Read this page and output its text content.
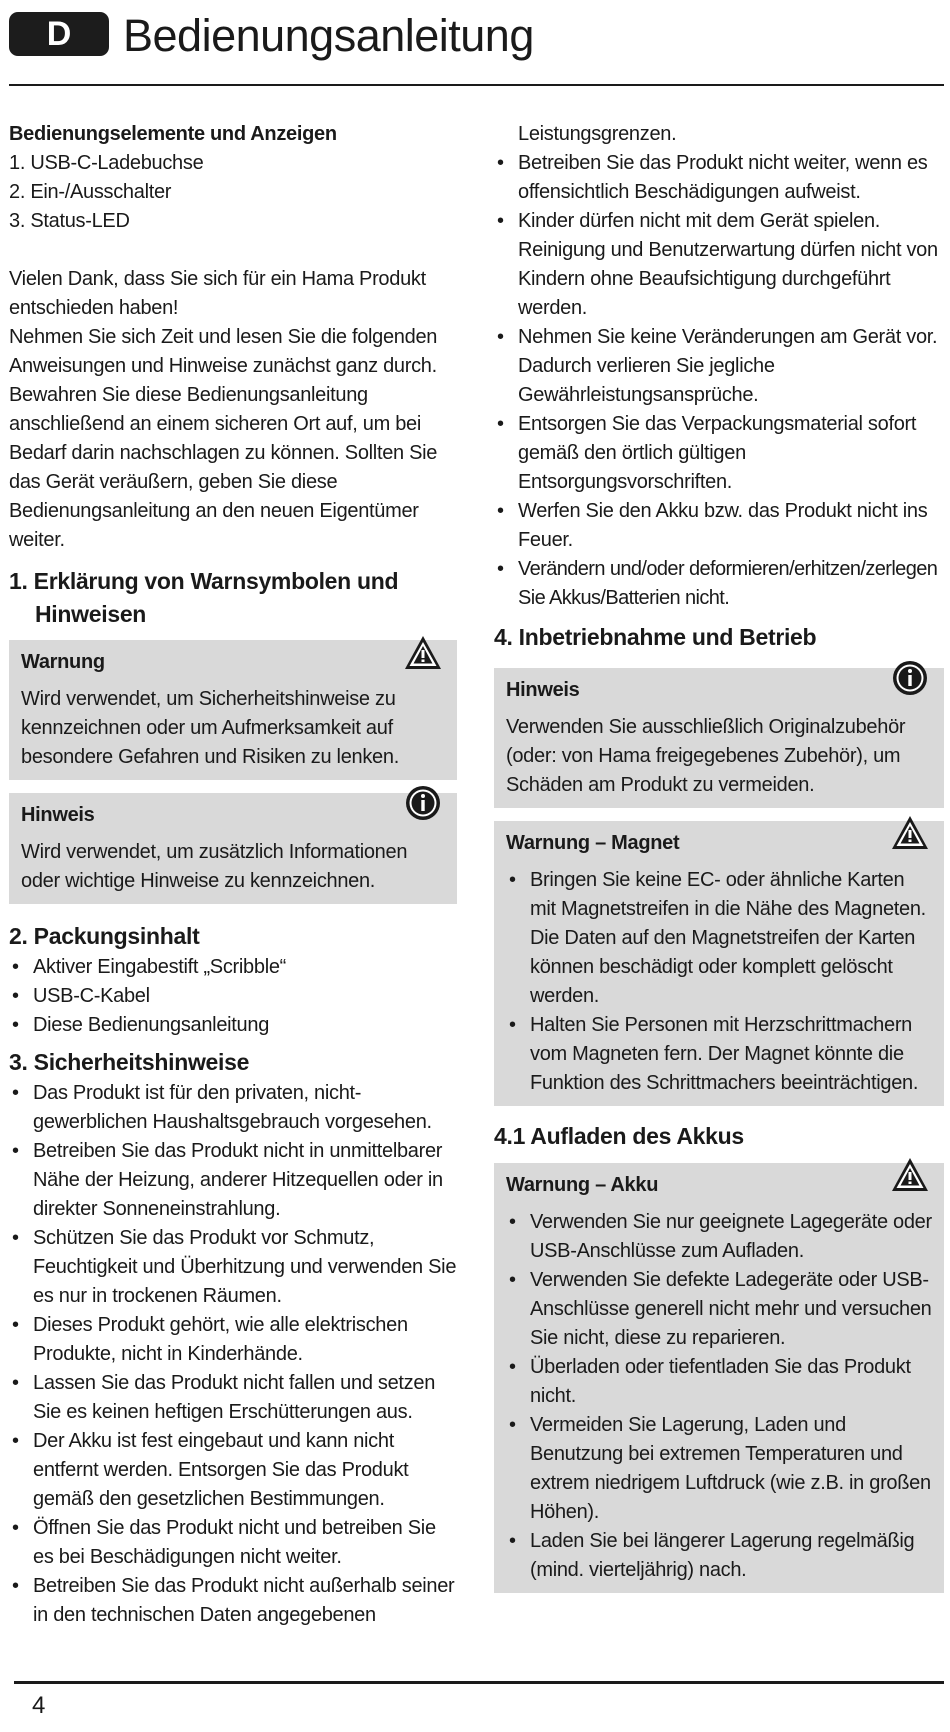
D	Bedienungsanleitung

Bedienungselemente und Anzeigen

1. USB-C-Ladebuchse

2. Ein-/Ausschalter

3. Status-LED

Vielen Dank, dass Sie sich für ein Hama Produkt entschieden haben!

Nehmen Sie sich Zeit und lesen Sie die folgenden Anweisungen und Hinweise zunächst ganz durch. Bewahren Sie diese Bedienungsanleitung anschließend an einem sicheren Ort auf, um bei Bedarf darin nachschlagen zu können. Sollten Sie das Gerät veräußern, geben Sie diese Bedienungsanleitung an den neuen Eigentümer weiter.

1. Erklärung von Warnsymbolen und Hinweisen

Warnung

Wird verwendet, um Sicherheitshinweise zu kennzeichnen oder um Aufmerksamkeit auf besondere Gefahren und Risiken zu lenken.

Hinweis

Wird verwendet, um zusätzlich Informationen oder wichtige Hinweise zu kennzeichnen.

2. Packungsinhalt
• Aktiver Eingabestift „Scribble“
• USB-C-Kabel
• Diese Bedienungsanleitung
3. Sicherheitshinweise
• Das Produkt ist für den privaten, nicht-gewerblichen Haushaltsgebrauch vorgesehen.
• Betreiben Sie das Produkt nicht in unmittelbarer Nähe der Heizung, anderer Hitzequellen oder in direkter Sonneneinstrahlung.
• Schützen Sie das Produkt vor Schmutz, Feuchtigkeit und Überhitzung und verwenden Sie es nur in trockenen Räumen.
• Dieses Produkt gehört, wie alle elektrischen Produkte, nicht in Kinderhände.
• Lassen Sie das Produkt nicht fallen und setzen Sie es keinen heftigen Erschütterungen aus.
• Der Akku ist fest eingebaut und kann nicht entfernt werden. Entsorgen Sie das Produkt gemäß den gesetzlichen Bestimmungen.
• Öffnen Sie das Produkt nicht und betreiben Sie es bei Beschädigungen nicht weiter.
• Betreiben Sie das Produkt nicht außerhalb seiner in den technischen Daten angegebenen

Leistungsgrenzen.

• Betreiben Sie das Produkt nicht weiter, wenn es offensichtlich Beschädigungen aufweist.
• Kinder dürfen nicht mit dem Gerät spielen. Reinigung und Benutzerwartung dürfen nicht von Kindern ohne Beaufsichtigung durchgeführt werden.
• Nehmen Sie keine Veränderungen am Gerät vor. Dadurch verlieren Sie jegliche Gewährleistungsansprüche.
• Entsorgen Sie das Verpackungsmaterial sofort gemäß den örtlich gültigen Entsorgungsvorschriften.
• Werfen Sie den Akku bzw. das Produkt nicht ins Feuer.
• Verändern und/oder deformieren/erhitzen/zerlegen Sie Akkus/Batterien nicht.
4. Inbetriebnahme und Betrieb

Hinweis

Verwenden Sie ausschließlich Originalzubehör (oder: von Hama freigegebenes Zubehör), um Schäden am Produkt zu vermeiden.

Warnung – Magnet

• Bringen Sie keine EC- oder ähnliche Karten mit Magnetstreifen in die Nähe des Magneten. Die Daten auf den Magnetstreifen der Karten können beschädigt oder komplett gelöscht werden.
• Halten Sie Personen mit Herzschrittmachern vom Magneten fern. Der Magnet könnte die Funktion des Schrittmachers beeinträchtigen.
4.1 Aufladen des Akkus

Warnung – Akku

• Verwenden Sie nur geeignete Lagegeräte oder USB-Anschlüsse zum Aufladen.
• Verwenden Sie defekte Ladegeräte oder USB-Anschlüsse generell nicht mehr und versuchen Sie nicht, diese zu reparieren.
• Überladen oder tiefentladen Sie das Produkt nicht.
• Vermeiden Sie Lagerung, Laden und Benutzung bei extremen Temperaturen und extrem niedrigem Luftdruck (wie z.B. in großen Höhen).
• Laden Sie bei längerer Lagerung regelmäßig (mind. vierteljährig) nach.
4
